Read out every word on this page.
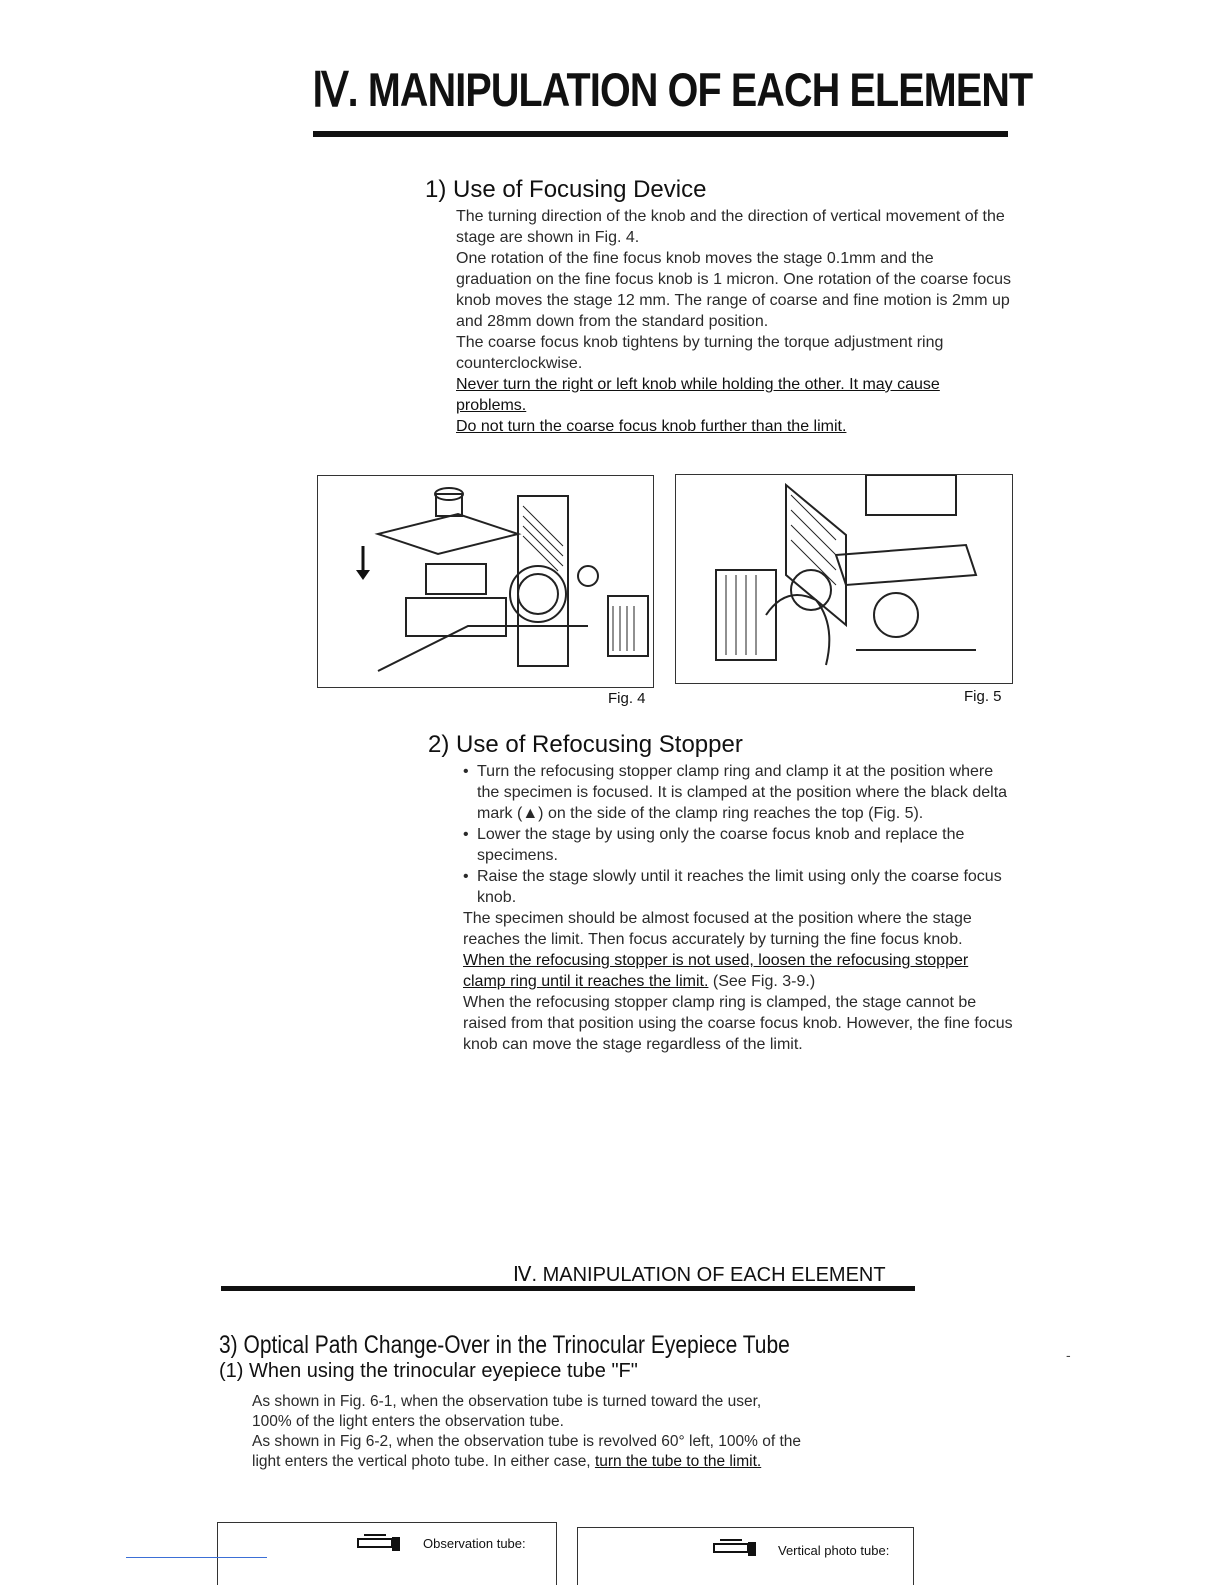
Ⅳ. MANIPULATION OF EACH ELEMENT
1) Use of Focusing Device

The turning direction of the knob and the direction of vertical movement of the stage are shown in Fig. 4.

One rotation of the fine focus knob moves the stage 0.1mm and the graduation on the fine focus knob is 1 micron. One rotation of the coarse focus knob moves the stage 12 mm. The range of coarse and fine motion is 2mm up and 28mm down from the standard position.

The coarse focus knob tightens by turning the torque adjustment ring counterclockwise.

Never turn the right or left knob while holding the other. It may cause problems.

Do not turn the coarse focus knob further than the limit.

Fig. 4	Fig. 5
2) Use of Refocusing Stopper
• Turn the refocusing stopper clamp ring and clamp it at the position where the specimen is focused. It is clamped at the position where the black delta mark (▲) on the side of the clamp ring reaches the top (Fig. 5).
• Lower the stage by using only the coarse focus knob and replace the specimens.
• Raise the stage slowly until it reaches the limit using only the coarse focus knob.

The specimen should be almost focused at the position where the stage reaches the limit. Then focus accurately by turning the fine focus knob.

When the refocusing stopper is not used, loosen the refocusing stopper clamp ring until it reaches the limit. (See Fig. 3-9.)

When the refocusing stopper clamp ring is clamped, the stage cannot be raised from that position using the coarse focus knob. However, the fine focus knob can move the stage regardless of the limit.

Ⅳ. MANIPULATION OF EACH ELEMENT
3) Optical Path Change-Over in the Trinocular Eyepiece Tube
(1) When using the trinocular eyepiece tube "F"

As shown in Fig. 6-1, when the observation tube is turned toward the user, 100% of the light enters the observation tube.

As shown in Fig 6-2, when the observation tube is revolved 60° left, 100% of the light enters the vertical photo tube. In either case, turn the tube to the limit.

Observation tube:	Vertical photo tube:
-
